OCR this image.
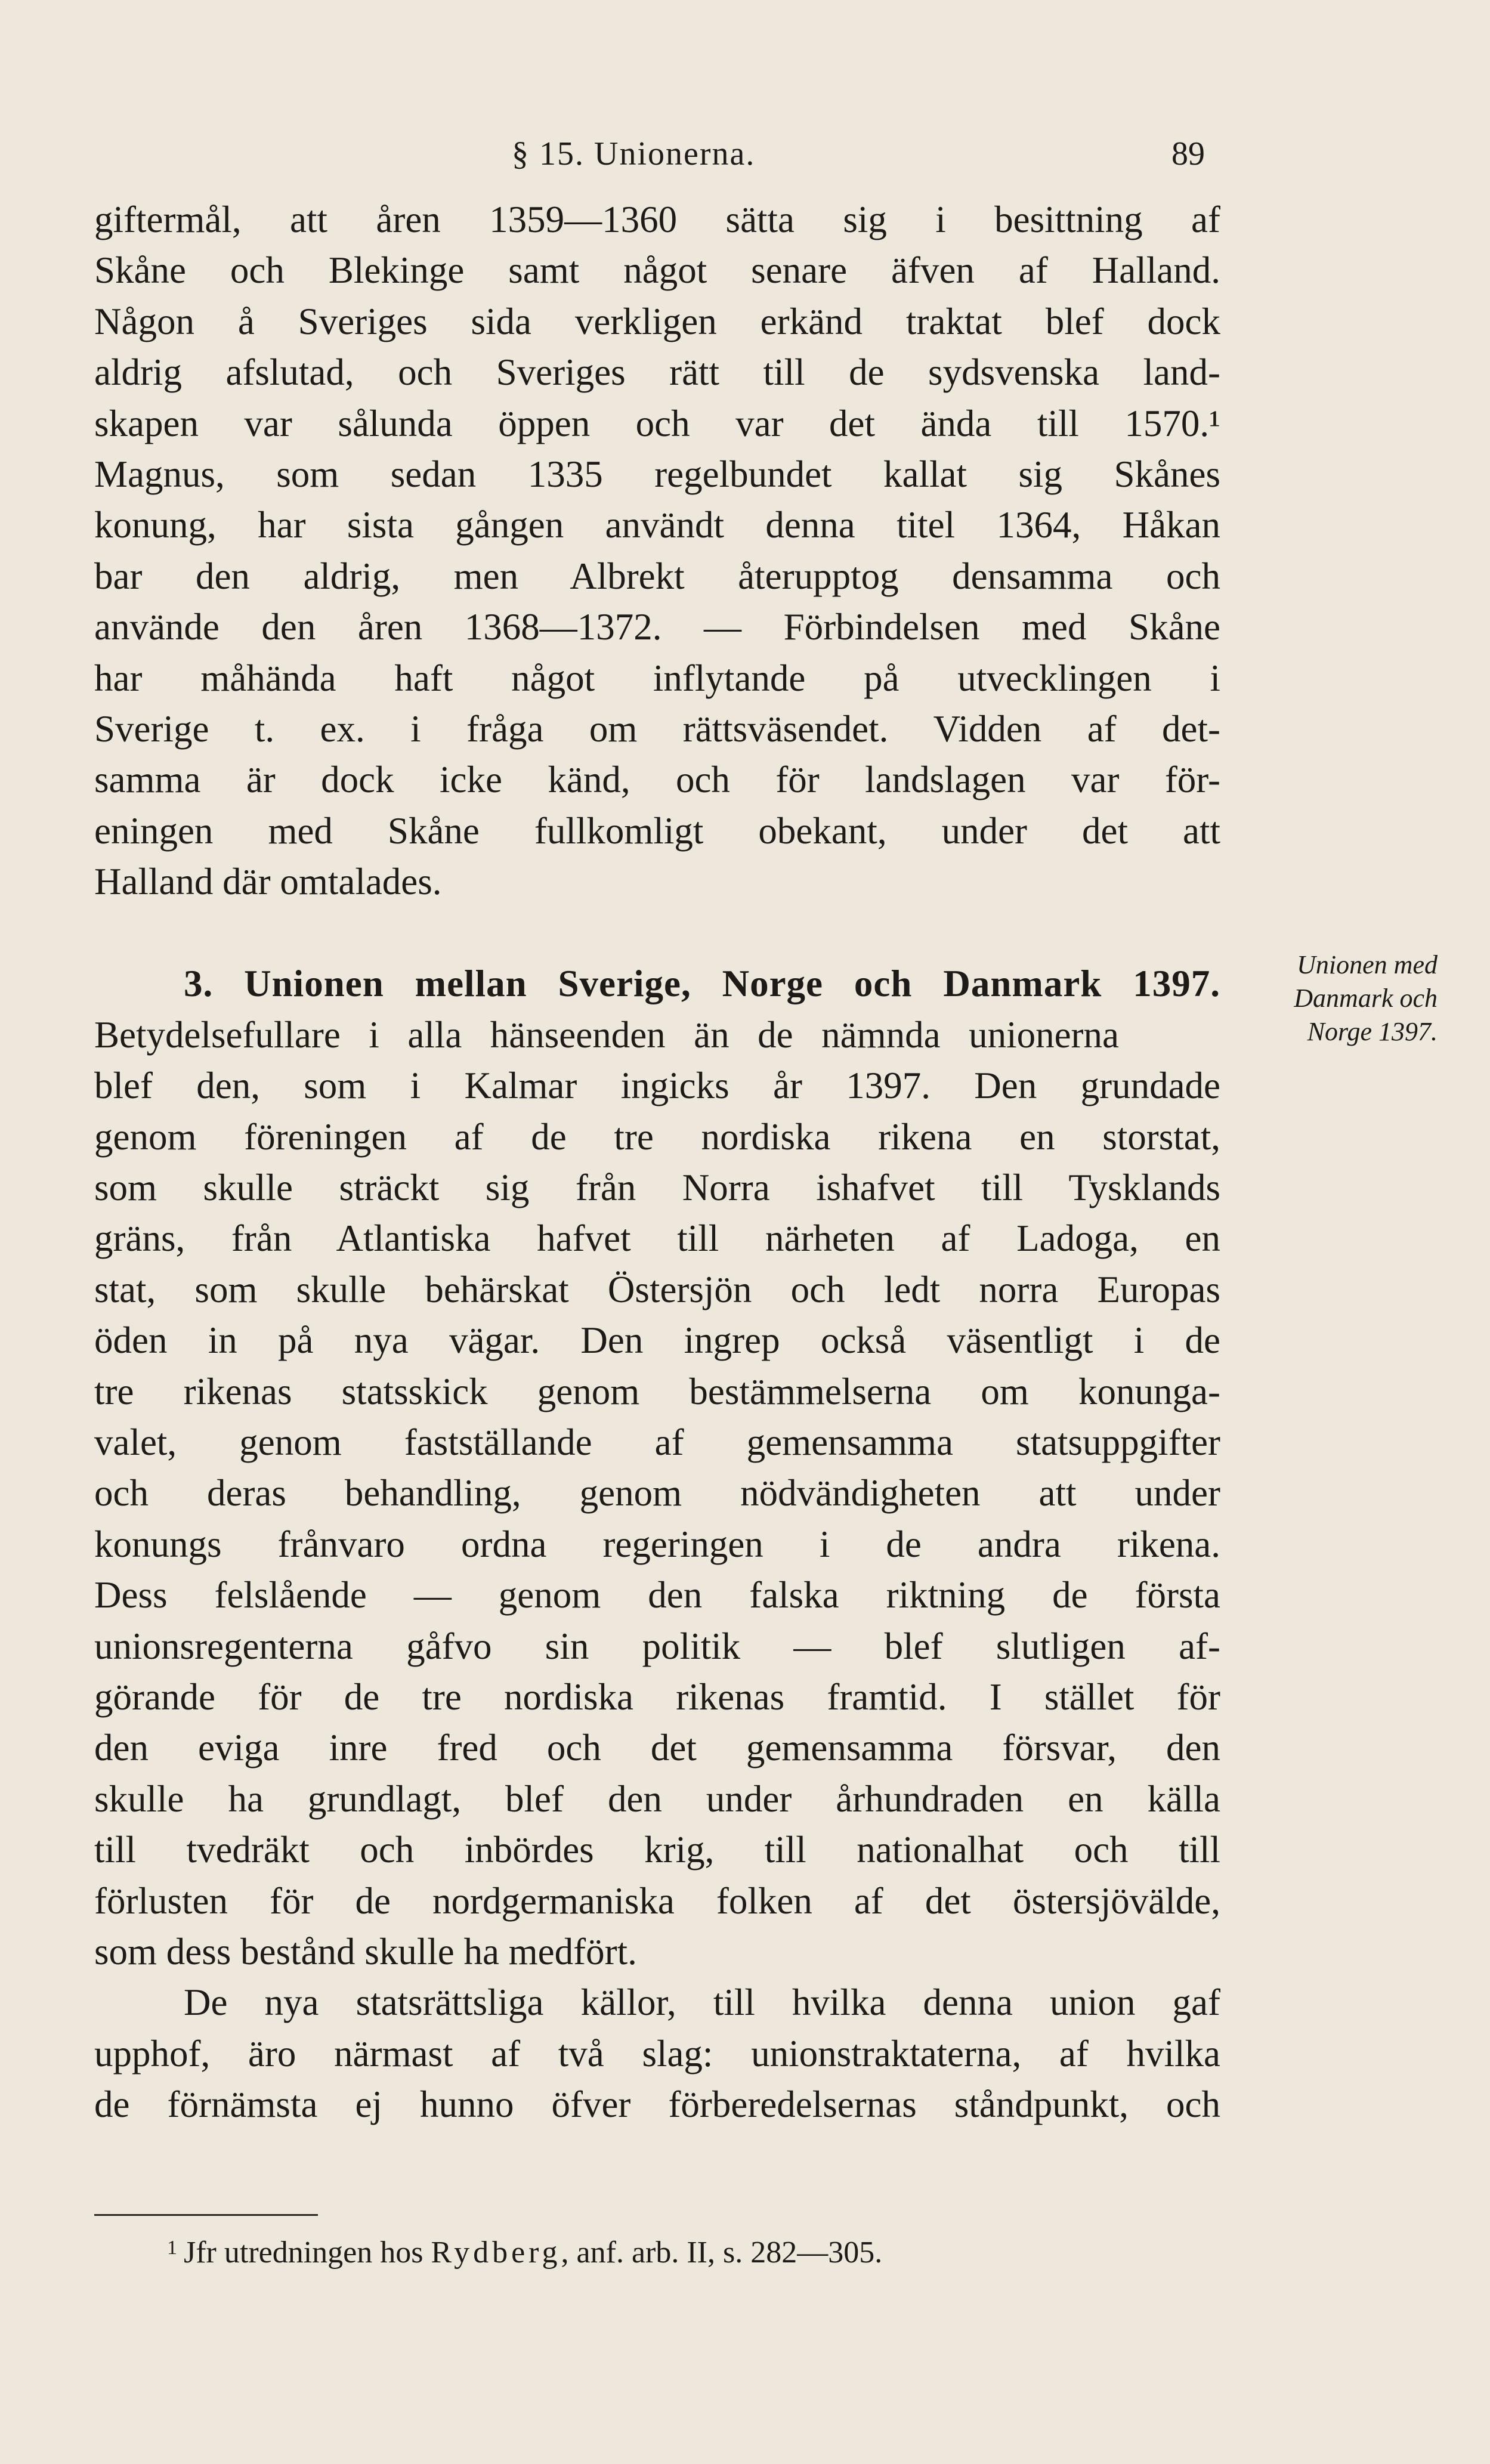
§ 15. Unionerna.	89
giftermål, att åren 1359—1360 sätta sig i besittning af
Skåne och Blekinge samt något senare äfven af Halland.
Någon å Sveriges sida verkligen erkänd traktat blef dock
aldrig afslutad, och Sveriges rätt till de sydsvenska land-
skapen var sålunda öppen och var det ända till 1570.¹
Magnus, som sedan 1335 regelbundet kallat sig Skånes
konung, har sista gången användt denna titel 1364, Håkan
bar den aldrig, men Albrekt återupptog densamma och
använde den åren 1368—1372. — Förbindelsen med Skåne
har måhända haft något inflytande på utvecklingen i
Sverige t. ex. i fråga om rättsväsendet. Vidden af det-
samma är dock icke känd, och för landslagen var för-
eningen med Skåne fullkomligt obekant, under det att
Halland där omtalades.
3. Unionen mellan Sverige, Norge och Danmark 1397.
Betydelsefullare i alla hänseenden än de nämnda unionerna
blef den, som i Kalmar ingicks år 1397. Den grundade
genom föreningen af de tre nordiska rikena en storstat,
som skulle sträckt sig från Norra ishafvet till Tysklands
gräns, från Atlantiska hafvet till närheten af Ladoga, en
stat, som skulle behärskat Östersjön och ledt norra Europas
öden in på nya vägar. Den ingrep också väsentligt i de
tre rikenas statsskick genom bestämmelserna om konunga-
valet, genom fastställande af gemensamma statsuppgifter
och deras behandling, genom nödvändigheten att under
konungs frånvaro ordna regeringen i de andra rikena.
Dess felslående — genom den falska riktning de första
unionsregenterna gåfvo sin politik — blef slutligen af-
görande för de tre nordiska rikenas framtid. I stället för
den eviga inre fred och det gemensamma försvar, den
skulle ha grundlagt, blef den under århundraden en källa
till tvedräkt och inbördes krig, till nationalhat och till
förlusten för de nordgermaniska folken af det östersjövälde,
som dess bestånd skulle ha medfört.
De nya statsrättsliga källor, till hvilka denna union gaf
upphof, äro närmast af två slag: unionstraktaterna, af hvilka
de förnämsta ej hunno öfver förberedelsernas ståndpunkt, och
Unionen med
Danmark och
Norge 1397.
1 Jfr utredningen hos Rydberg, anf. arb. II, s. 282—305.
